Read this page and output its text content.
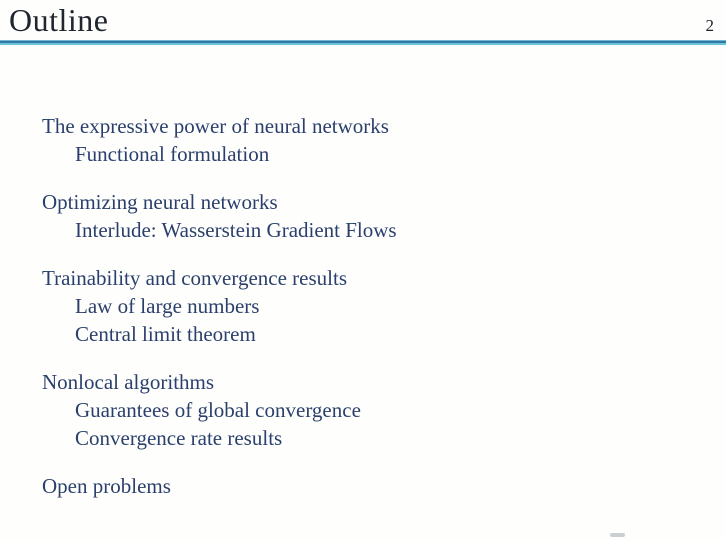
Outline	2
The expressive power of neural networks
Functional formulation
Optimizing neural networks
Interlude: Wasserstein Gradient Flows
Trainability and convergence results
Law of large numbers
Central limit theorem
Nonlocal algorithms
Guarantees of global convergence
Convergence rate results
Open problems
